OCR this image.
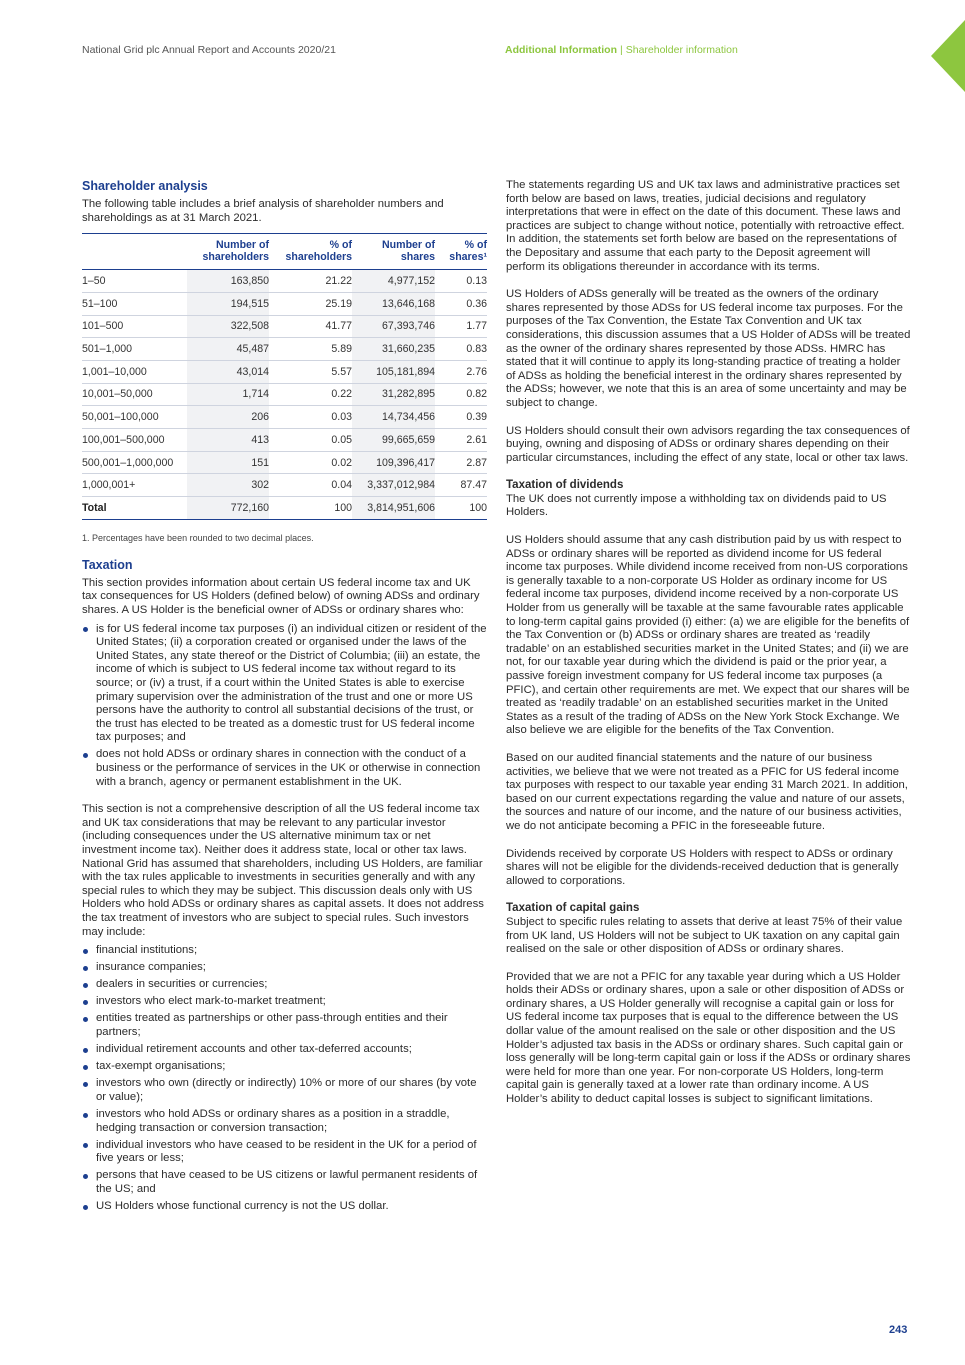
National Grid plc Annual Report and Accounts 2020/21	Additional Information | Shareholder information
Shareholder analysis

The following table includes a brief analysis of shareholder numbers and shareholdings as at 31 March 2021.

	Number of shareholders	% of shareholders	Number of shares	% of shares¹
1–50	163,850	21.22	4,977,152	0.13
51–100	194,515	25.19	13,646,168	0.36
101–500	322,508	41.77	67,393,746	1.77
501–1,000	45,487	5.89	31,660,235	0.83
1,001–10,000	43,014	5.57	105,181,894	2.76
10,001–50,000	1,714	0.22	31,282,895	0.82
50,001–100,000	206	0.03	14,734,456	0.39
100,001–500,000	413	0.05	99,665,659	2.61
500,001–1,000,000	151	0.02	109,396,417	2.87
1,000,001+	302	0.04	3,337,012,984	87.47
Total	772,160	100	3,814,951,606	100
1. Percentages have been rounded to two decimal places.
Taxation

This section provides information about certain US federal income tax and UK tax consequences for US Holders (defined below) of owning ADSs and ordinary shares. A US Holder is the beneficial owner of ADSs or ordinary shares who:

is for US federal income tax purposes (i) an individual citizen or resident of the United States; (ii) a corporation created or organised under the laws of the United States, any state thereof or the District of Columbia; (iii) an estate, the income of which is subject to US federal income tax without regard to its source; or (iv) a trust, if a court within the United States is able to exercise primary supervision over the administration of the trust and one or more US persons have the authority to control all substantial decisions of the trust, or the trust has elected to be treated as a domestic trust for US federal income tax purposes; and
does not hold ADSs or ordinary shares in connection with the conduct of a business or the performance of services in the UK or otherwise in connection with a branch, agency or permanent establishment in the UK.

This section is not a comprehensive description of all the US federal income tax and UK tax considerations that may be relevant to any particular investor (including consequences under the US alternative minimum tax or net investment income tax). Neither does it address state, local or other tax laws. National Grid has assumed that shareholders, including US Holders, are familiar with the tax rules applicable to investments in securities generally and with any special rules to which they may be subject. This discussion deals only with US Holders who hold ADSs or ordinary shares as capital assets. It does not address the tax treatment of investors who are subject to special rules. Such investors may include:

financial institutions;
insurance companies;
dealers in securities or currencies;
investors who elect mark-to-market treatment;
entities treated as partnerships or other pass-through entities and their partners;
individual retirement accounts and other tax-deferred accounts;
tax-exempt organisations;
investors who own (directly or indirectly) 10% or more of our shares (by vote or value);
investors who hold ADSs or ordinary shares as a position in a straddle, hedging transaction or conversion transaction;
individual investors who have ceased to be resident in the UK for a period of five years or less;
persons that have ceased to be US citizens or lawful permanent residents of the US; and
US Holders whose functional currency is not the US dollar.

The statements regarding US and UK tax laws and administrative practices set forth below are based on laws, treaties, judicial decisions and regulatory interpretations that were in effect on the date of this document. These laws and practices are subject to change without notice, potentially with retroactive effect. In addition, the statements set forth below are based on the representations of the Depositary and assume that each party to the Deposit agreement will perform its obligations thereunder in accordance with its terms.

US Holders of ADSs generally will be treated as the owners of the ordinary shares represented by those ADSs for US federal income tax purposes. For the purposes of the Tax Convention, the Estate Tax Convention and UK tax considerations, this discussion assumes that a US Holder of ADSs will be treated as the owner of the ordinary shares represented by those ADSs. HMRC has stated that it will continue to apply its long-standing practice of treating a holder of ADSs as holding the beneficial interest in the ordinary shares represented by the ADSs; however, we note that this is an area of some uncertainty and may be subject to change.

US Holders should consult their own advisors regarding the tax consequences of buying, owning and disposing of ADSs or ordinary shares depending on their particular circumstances, including the effect of any state, local or other tax laws.

Taxation of dividends

The UK does not currently impose a withholding tax on dividends paid to US Holders.

US Holders should assume that any cash distribution paid by us with respect to ADSs or ordinary shares will be reported as dividend income for US federal income tax purposes. While dividend income received from non-US corporations is generally taxable to a non-corporate US Holder as ordinary income for US federal income tax purposes, dividend income received by a non-corporate US Holder from us generally will be taxable at the same favourable rates applicable to long-term capital gains provided (i) either: (a) we are eligible for the benefits of the Tax Convention or (b) ADSs or ordinary shares are treated as ‘readily tradable’ on an established securities market in the United States; and (ii) we are not, for our taxable year during which the dividend is paid or the prior year, a passive foreign investment company for US federal income tax purposes (a PFIC), and certain other requirements are met. We expect that our shares will be treated as ‘readily tradable’ on an established securities market in the United States as a result of the trading of ADSs on the New York Stock Exchange. We also believe we are eligible for the benefits of the Tax Convention.

Based on our audited financial statements and the nature of our business activities, we believe that we were not treated as a PFIC for US federal income tax purposes with respect to our taxable year ending 31 March 2021. In addition, based on our current expectations regarding the value and nature of our assets, the sources and nature of our income, and the nature of our business activities, we do not anticipate becoming a PFIC in the foreseeable future.

Dividends received by corporate US Holders with respect to ADSs or ordinary shares will not be eligible for the dividends-received deduction that is generally allowed to corporations.

Taxation of capital gains

Subject to specific rules relating to assets that derive at least 75% of their value from UK land, US Holders will not be subject to UK taxation on any capital gain realised on the sale or other disposition of ADSs or ordinary shares.

Provided that we are not a PFIC for any taxable year during which a US Holder holds their ADSs or ordinary shares, upon a sale or other disposition of ADSs or ordinary shares, a US Holder generally will recognise a capital gain or loss for US federal income tax purposes that is equal to the difference between the US dollar value of the amount realised on the sale or other disposition and the US Holder’s adjusted tax basis in the ADSs or ordinary shares. Such capital gain or loss generally will be long-term capital gain or loss if the ADSs or ordinary shares were held for more than one year. For non-corporate US Holders, long-term capital gain is generally taxed at a lower rate than ordinary income. A US Holder’s ability to deduct capital losses is subject to significant limitations.

243
